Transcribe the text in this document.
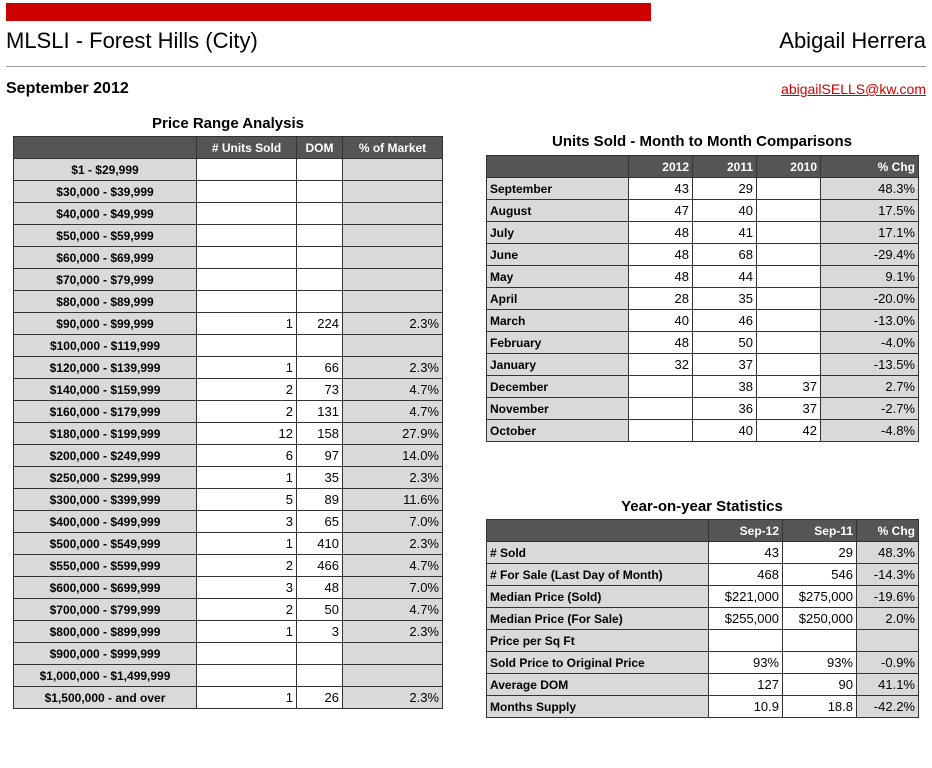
MLSLI - Forest Hills (City)	Abigail Herrera
September 2012	abigailSELLS@kw.com
Price Range Analysis
	# Units Sold	DOM	% of Market
$1 - $29,999			
$30,000 - $39,999			
$40,000 - $49,999			
$50,000 - $59,999			
$60,000 - $69,999			
$70,000 - $79,999			
$80,000 - $89,999			
$90,000 - $99,999	1	224	2.3%
$100,000 - $119,999			
$120,000 - $139,999	1	66	2.3%
$140,000 - $159,999	2	73	4.7%
$160,000 - $179,999	2	131	4.7%
$180,000 - $199,999	12	158	27.9%
$200,000 - $249,999	6	97	14.0%
$250,000 - $299,999	1	35	2.3%
$300,000 - $399,999	5	89	11.6%
$400,000 - $499,999	3	65	7.0%
$500,000 - $549,999	1	410	2.3%
$550,000 - $599,999	2	466	4.7%
$600,000 - $699,999	3	48	7.0%
$700,000 - $799,999	2	50	4.7%
$800,000 - $899,999	1	3	2.3%
$900,000 - $999,999			
$1,000,000 - $1,499,999			
$1,500,000 - and over	1	26	2.3%
Units Sold - Month to Month Comparisons
	2012	2011	2010	% Chg
September	43	29		48.3%
August	47	40		17.5%
July	48	41		17.1%
June	48	68		-29.4%
May	48	44		9.1%
April	28	35		-20.0%
March	40	46		-13.0%
February	48	50		-4.0%
January	32	37		-13.5%
December		38	37	2.7%
November		36	37	-2.7%
October		40	42	-4.8%
Year-on-year Statistics
	Sep-12	Sep-11	% Chg
# Sold	43	29	48.3%
# For Sale (Last Day of Month)	468	546	-14.3%
Median Price (Sold)	$221,000	$275,000	-19.6%
Median Price (For Sale)	$255,000	$250,000	2.0%
Price per Sq Ft			
Sold Price to Original Price	93%	93%	-0.9%
Average DOM	127	90	41.1%
Months Supply	10.9	18.8	-42.2%
